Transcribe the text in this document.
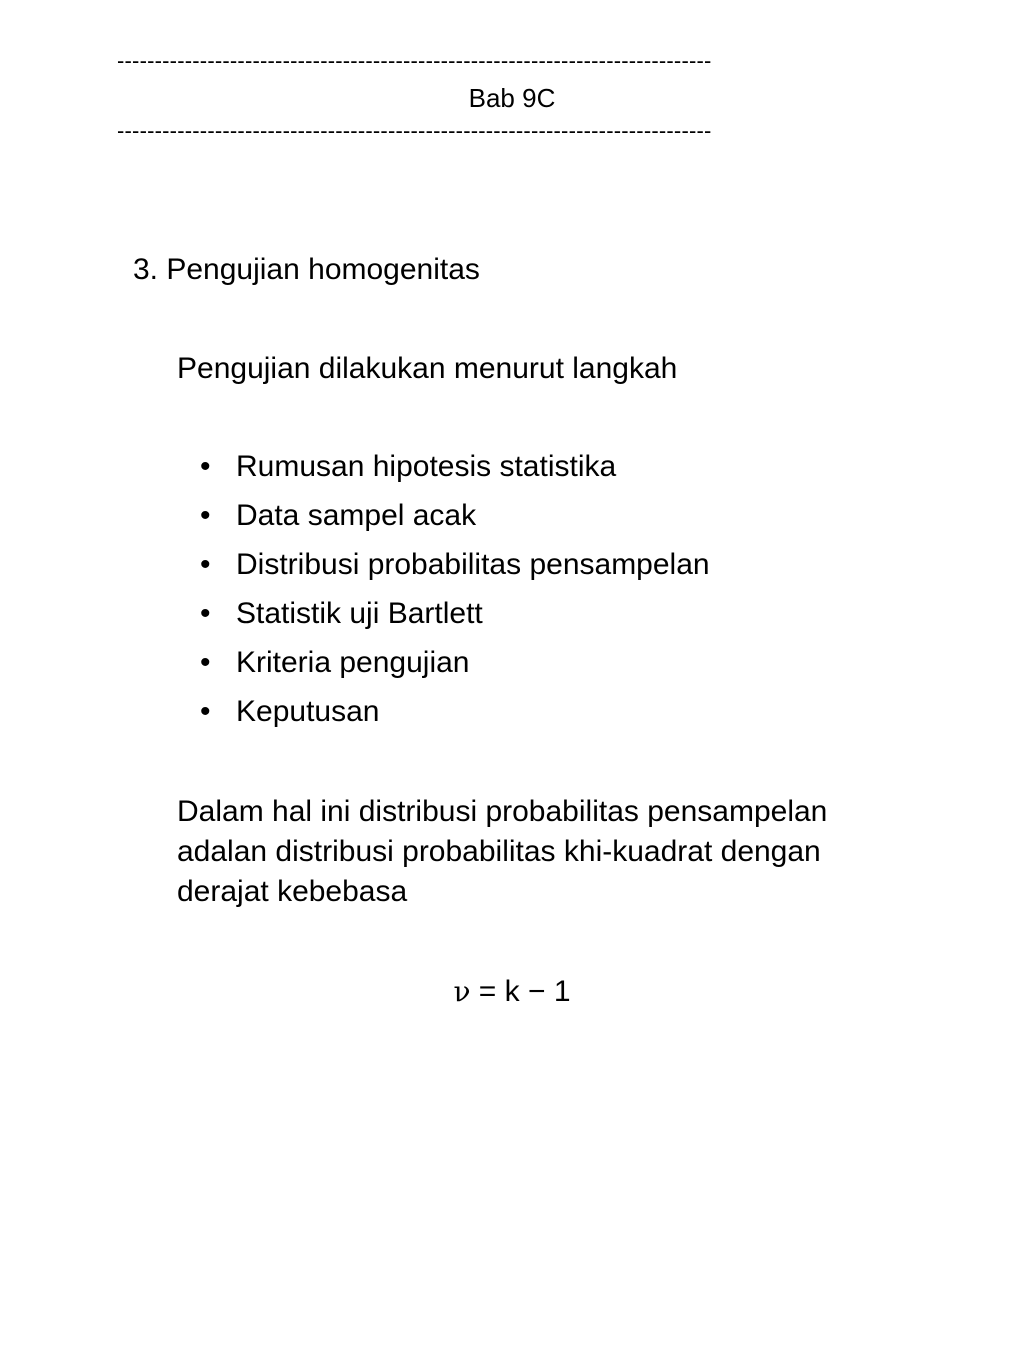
-------------------------------------------------------------------------------
Bab 9C
-------------------------------------------------------------------------------
3. Pengujian homogenitas
Pengujian dilakukan menurut langkah
• Rumusan hipotesis statistika
• Data sampel acak
• Distribusi probabilitas pensampelan
• Statistik uji Bartlett
• Kriteria pengujian
• Keputusan
Dalam hal ini distribusi probabilitas pensampelan
adalan distribusi probabilitas khi-kuadrat dengan
derajat kebebasa
ν = k − 1
